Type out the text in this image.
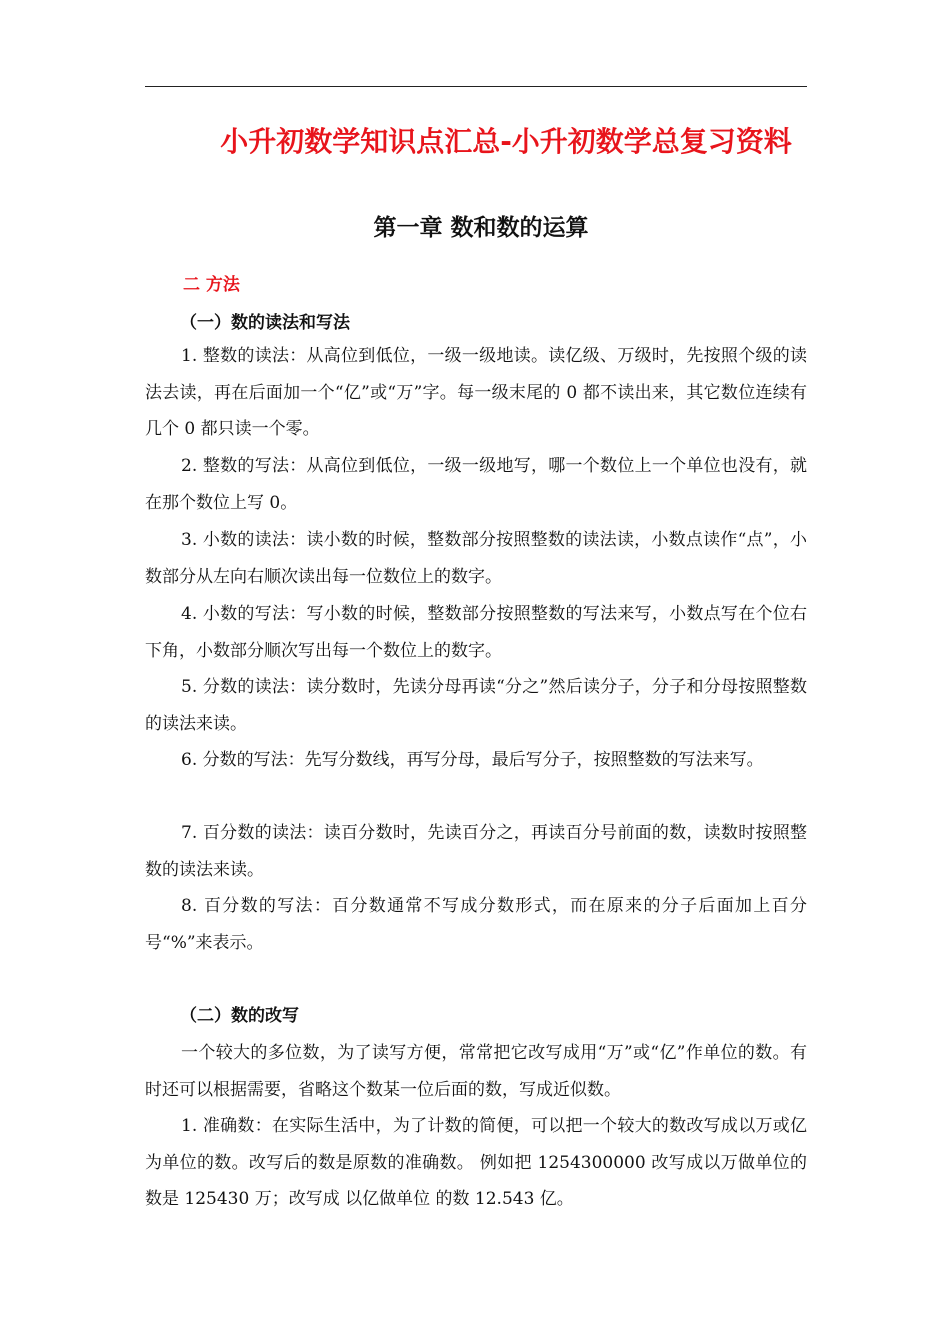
小升初数学知识点汇总-小升初数学总复习资料
第一章 数和数的运算
二 方法
（一）数的读法和写法

1. 整数的读法：从高位到低位，一级一级地读。读亿级、万级时，先按照个级的读法去读，再在后面加一个“亿”或“万”字。每一级末尾的 0 都不读出来，其它数位连续有几个 0 都只读一个零。

2. 整数的写法：从高位到低位，一级一级地写，哪一个数位上一个单位也没有，就在那个数位上写 0。

3. 小数的读法：读小数的时候，整数部分按照整数的读法读，小数点读作“点”，小数部分从左向右顺次读出每一位数位上的数字。

4. 小数的写法：写小数的时候，整数部分按照整数的写法来写，小数点写在个位右下角，小数部分顺次写出每一个数位上的数字。

5. 分数的读法：读分数时，先读分母再读“分之”然后读分子，分子和分母按照整数的读法来读。

6. 分数的写法：先写分数线，再写分母，最后写分子，按照整数的写法来写。

7. 百分数的读法：读百分数时，先读百分之，再读百分号前面的数，读数时按照整数的读法来读。

8. 百分数的写法：百分数通常不写成分数形式，而在原来的分子后面加上百分号“%”来表示。

（二）数的改写

一个较大的多位数，为了读写方便，常常把它改写成用“万”或“亿”作单位的数。有时还可以根据需要，省略这个数某一位后面的数，写成近似数。

1. 准确数：在实际生活中，为了计数的简便，可以把一个较大的数改写成以万或亿为单位的数。改写后的数是原数的准确数。 例如把 1254300000 改写成以万做单位的数是 125430 万；改写成 以亿做单位 的数 12.543 亿。
